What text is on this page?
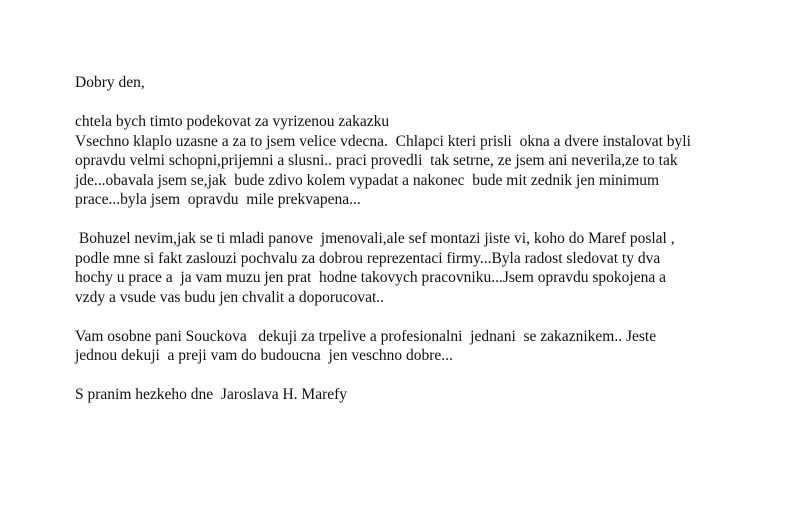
Dobry den,
chtela bych timto podekovat za vyrizenou zakazku
Vsechno klaplo uzasne a za to jsem velice vdecna.  Chlapci kteri prisli  okna a dvere instalovat byli
opravdu velmi schopni,prijemni a slusni.. praci provedli  tak setrne, ze jsem ani neverila,ze to tak
jde...obavala jsem se,jak  bude zdivo kolem vypadat a nakonec  bude mit zednik jen minimum
prace...byla jsem  opravdu  mile prekvapena...
Bohuzel nevim,jak se ti mladi panove  jmenovali,ale sef montazi jiste vi, koho do Maref poslal ,
podle mne si fakt zaslouzi pochvalu za dobrou reprezentaci firmy...Byla radost sledovat ty dva
hochy u prace a  ja vam muzu jen prat  hodne takovych pracovniku...Jsem opravdu spokojena a
vzdy a vsude vas budu jen chvalit a doporucovat..
Vam osobne pani Souckova   dekuji za trpelive a profesionalni  jednani  se zakaznikem.. Jeste
jednou dekuji  a preji vam do budoucna  jen veschno dobre...
S pranim hezkeho dne  Jaroslava H. Marefy
